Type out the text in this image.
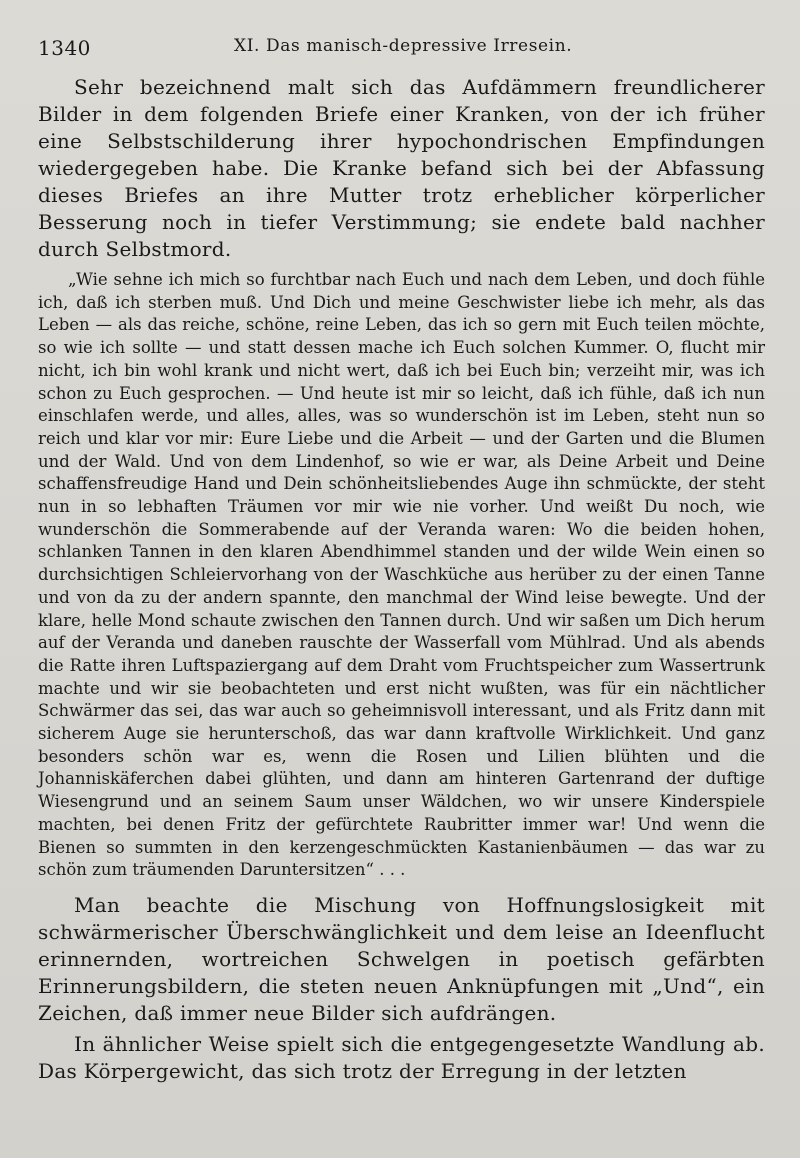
1340	XI. Das manisch-depressive Irresein.

Sehr bezeichnend malt sich das Aufdämmern freundlicherer Bilder in dem folgenden Briefe einer Kranken, von der ich früher eine Selbstschilderung ihrer hypochondrischen Empfindungen wiedergegeben habe. Die Kranke befand sich bei der Abfassung dieses Briefes an ihre Mutter trotz erheblicher körperlicher Besserung noch in tiefer Verstimmung; sie endete bald nachher durch Selbstmord.

„Wie sehne ich mich so furchtbar nach Euch und nach dem Leben, und doch fühle ich, daß ich sterben muß. Und Dich und meine Geschwister liebe ich mehr, als das Leben — als das reiche, schöne, reine Leben, das ich so gern mit Euch teilen möchte, so wie ich sollte — und statt dessen mache ich Euch solchen Kummer. O, flucht mir nicht, ich bin wohl krank und nicht wert, daß ich bei Euch bin; verzeiht mir, was ich schon zu Euch gesprochen. — Und heute ist mir so leicht, daß ich fühle, daß ich nun einschlafen werde, und alles, alles, was so wunderschön ist im Leben, steht nun so reich und klar vor mir: Eure Liebe und die Arbeit — und der Garten und die Blumen und der Wald. Und von dem Lindenhof, so wie er war, als Deine Arbeit und Deine schaffensfreudige Hand und Dein schönheitsliebendes Auge ihn schmückte, der steht nun in so lebhaften Träumen vor mir wie nie vorher. Und weißt Du noch, wie wunderschön die Sommerabende auf der Veranda waren: Wo die beiden hohen, schlanken Tannen in den klaren Abendhimmel standen und der wilde Wein einen so durchsichtigen Schleiervorhang von der Waschküche aus herüber zu der einen Tanne und von da zu der andern spannte, den manchmal der Wind leise bewegte. Und der klare, helle Mond schaute zwischen den Tannen durch. Und wir saßen um Dich herum auf der Veranda und daneben rauschte der Wasserfall vom Mühlrad. Und als abends die Ratte ihren Luftspaziergang auf dem Draht vom Fruchtspeicher zum Wassertrunk machte und wir sie beobachteten und erst nicht wußten, was für ein nächtlicher Schwärmer das sei, das war auch so geheimnisvoll interessant, und als Fritz dann mit sicherem Auge sie herunterschoß, das war dann kraftvolle Wirklichkeit. Und ganz besonders schön war es, wenn die Rosen und Lilien blühten und die Johanniskäferchen dabei glühten, und dann am hinteren Gartenrand der duftige Wiesengrund und an seinem Saum unser Wäldchen, wo wir unsere Kinderspiele machten, bei denen Fritz der gefürchtete Raubritter immer war! Und wenn die Bienen so summten in den kerzengeschmückten Kastanienbäumen — das war zu schön zum träumenden Daruntersitzen“ . . .

Man beachte die Mischung von Hoffnungslosigkeit mit schwärmerischer Überschwänglichkeit und dem leise an Ideenflucht erinnernden, wortreichen Schwelgen in poetisch gefärbten Erinnerungsbildern, die steten neuen Anknüpfungen mit „Und“, ein Zeichen, daß immer neue Bilder sich aufdrängen.

In ähnlicher Weise spielt sich die entgegengesetzte Wandlung ab. Das Körpergewicht, das sich trotz der Erregung in der letzten
